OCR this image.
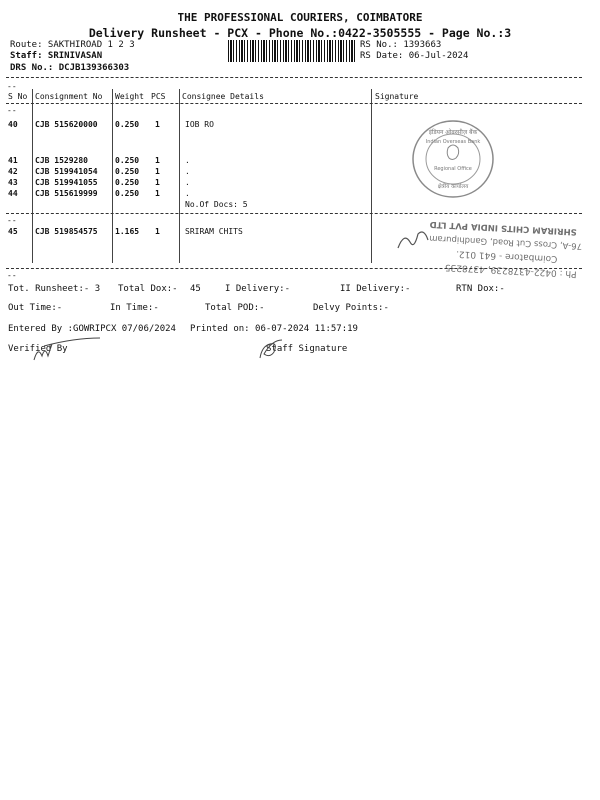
THE PROFESSIONAL COURIERS, COIMBATORE
Delivery Runsheet - PCX - Phone No.:0422-3505555 - Page No.:3
Route: SAKTHIROAD 1 2 3
Staff: SRINIVASAN
DRS No.: DCJB139366303
RS No.: 1393663
RS Date: 06-Jul-2024
--
S No Consignment No Weight PCS Consignee Details	Signature
--
40 CJB 515620000 0.250 1	IOB RO
41 CJB 1529280	0.250 1	.
42 CJB 519941054 0.250 1	.
43 CJB 519941055 0.250 1	.
44 CJB 515619999 0.250 1	.
No.Of Docs: 5
--
45 CJB 519854575 1.165 1	SRIRAM CHITS
इंडियन ओवरसीज़ बैंक
Indian Overseas Bank
Regional Office
क्षेत्रीय कार्यालय
Ph : 0422-4378239, 4378235
Coimbatore - 641 012.
76-A, Cross Cut Road, Gandhipuram
SHRIRAM CHITS INDIA PVT LTD
--
Tot. Runsheet:- 3 Total Dox:- 45	I Delivery:-	II Delivery:-	RTN Dox:-
Out Time:-	In Time:-	Total POD:-	Delvy Points:-
Entered By :GOWRIPCX 07/06/2024 Printed on: 06-07-2024 11:57:19
Verified By	Staff Signature
